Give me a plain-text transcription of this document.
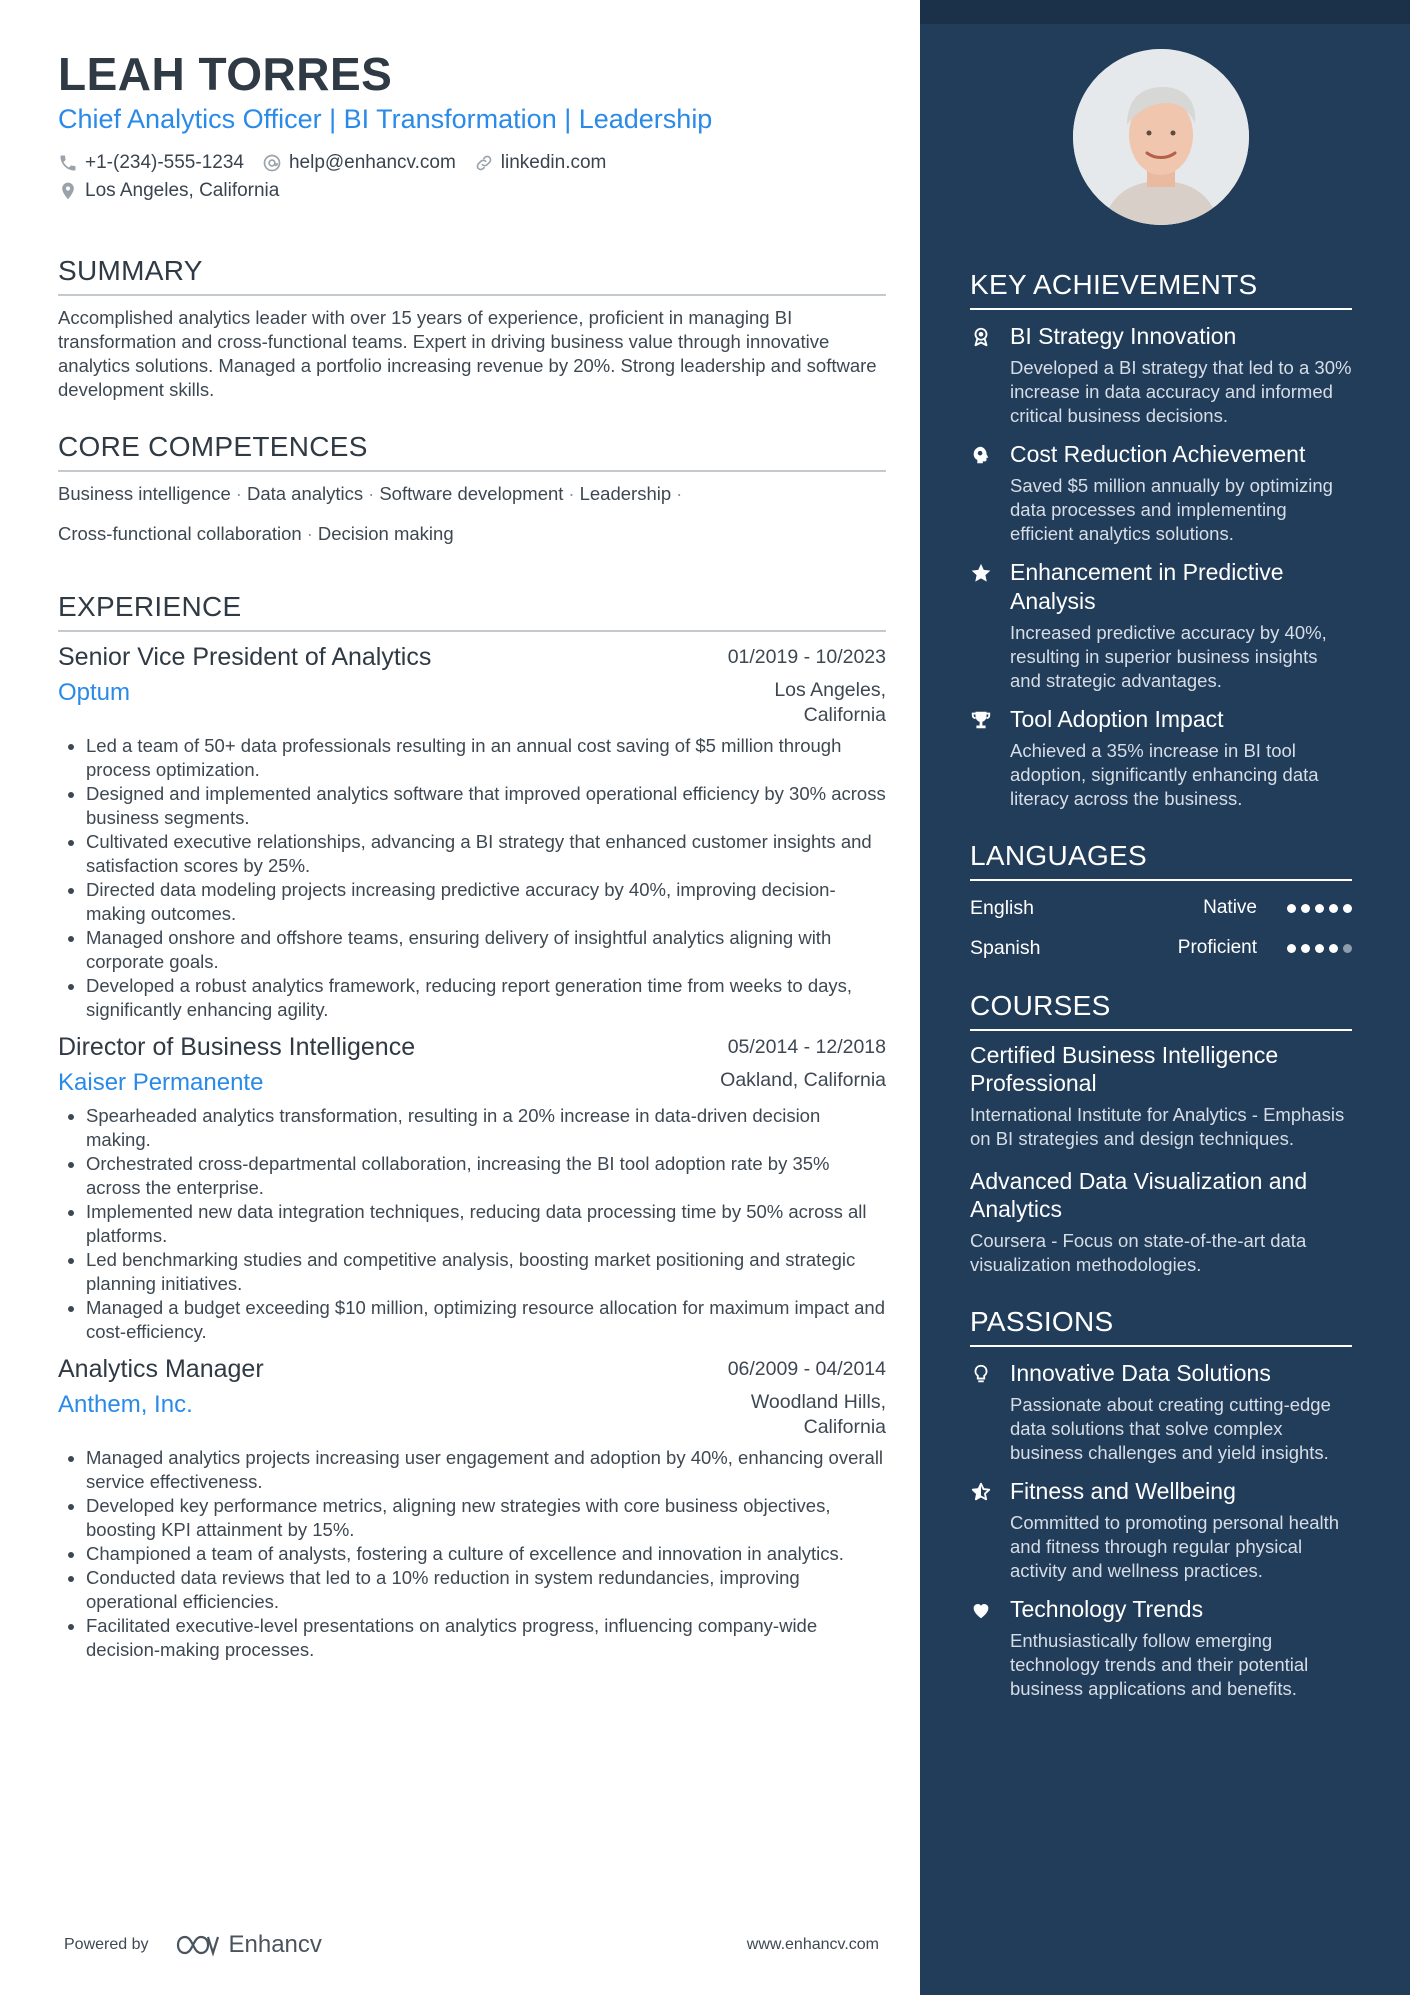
LEAH TORRES
Chief Analytics Officer | BI Transformation | Leadership
+1-(234)-555-1234 help@enhancv.com linkedin.com
Los Angeles, California
SUMMARY
Accomplished analytics leader with over 15 years of experience, proficient in managing BI transformation and cross-functional teams. Expert in driving business value through innovative analytics solutions. Managed a portfolio increasing revenue by 20%. Strong leadership and software development skills.
CORE COMPETENCES
Business intelligence · Data analytics · Software development · Leadership ·
Cross-functional collaboration · Decision making
EXPERIENCE
Senior Vice President of Analytics	01/2019 - 10/2023
Optum	Los Angeles, California
Led a team of 50+ data professionals resulting in an annual cost saving of $5 million through process optimization.
Designed and implemented analytics software that improved operational efficiency by 30% across business segments.
Cultivated executive relationships, advancing a BI strategy that enhanced customer insights and satisfaction scores by 25%.
Directed data modeling projects increasing predictive accuracy by 40%, improving decision-making outcomes.
Managed onshore and offshore teams, ensuring delivery of insightful analytics aligning with corporate goals.
Developed a robust analytics framework, reducing report generation time from weeks to days, significantly enhancing agility.
Director of Business Intelligence	05/2014 - 12/2018
Kaiser Permanente	Oakland, California
Spearheaded analytics transformation, resulting in a 20% increase in data-driven decision making.
Orchestrated cross-departmental collaboration, increasing the BI tool adoption rate by 35% across the enterprise.
Implemented new data integration techniques, reducing data processing time by 50% across all platforms.
Led benchmarking studies and competitive analysis, boosting market positioning and strategic planning initiatives.
Managed a budget exceeding $10 million, optimizing resource allocation for maximum impact and cost-efficiency.
Analytics Manager	06/2009 - 04/2014
Anthem, Inc.	Woodland Hills, California
Managed analytics projects increasing user engagement and adoption by 40%, enhancing overall service effectiveness.
Developed key performance metrics, aligning new strategies with core business objectives, boosting KPI attainment by 15%.
Championed a team of analysts, fostering a culture of excellence and innovation in analytics.
Conducted data reviews that led to a 10% reduction in system redundancies, improving operational efficiencies.
Facilitated executive-level presentations on analytics progress, influencing company-wide decision-making processes.
Powered by	Enhancv	www.enhancv.com
KEY ACHIEVEMENTS
BI Strategy Innovation
Developed a BI strategy that led to a 30% increase in data accuracy and informed critical business decisions.
Cost Reduction Achievement
Saved $5 million annually by optimizing data processes and implementing efficient analytics solutions.
Enhancement in Predictive Analysis
Increased predictive accuracy by 40%, resulting in superior business insights and strategic advantages.
Tool Adoption Impact
Achieved a 35% increase in BI tool adoption, significantly enhancing data literacy across the business.
LANGUAGES
English	Native
Spanish	Proficient
COURSES
Certified Business Intelligence Professional
International Institute for Analytics - Emphasis on BI strategies and design techniques.
Advanced Data Visualization and Analytics
Coursera - Focus on state-of-the-art data visualization methodologies.
PASSIONS
Innovative Data Solutions
Passionate about creating cutting-edge data solutions that solve complex business challenges and yield insights.
Fitness and Wellbeing
Committed to promoting personal health and fitness through regular physical activity and wellness practices.
Technology Trends
Enthusiastically follow emerging technology trends and their potential business applications and benefits.
